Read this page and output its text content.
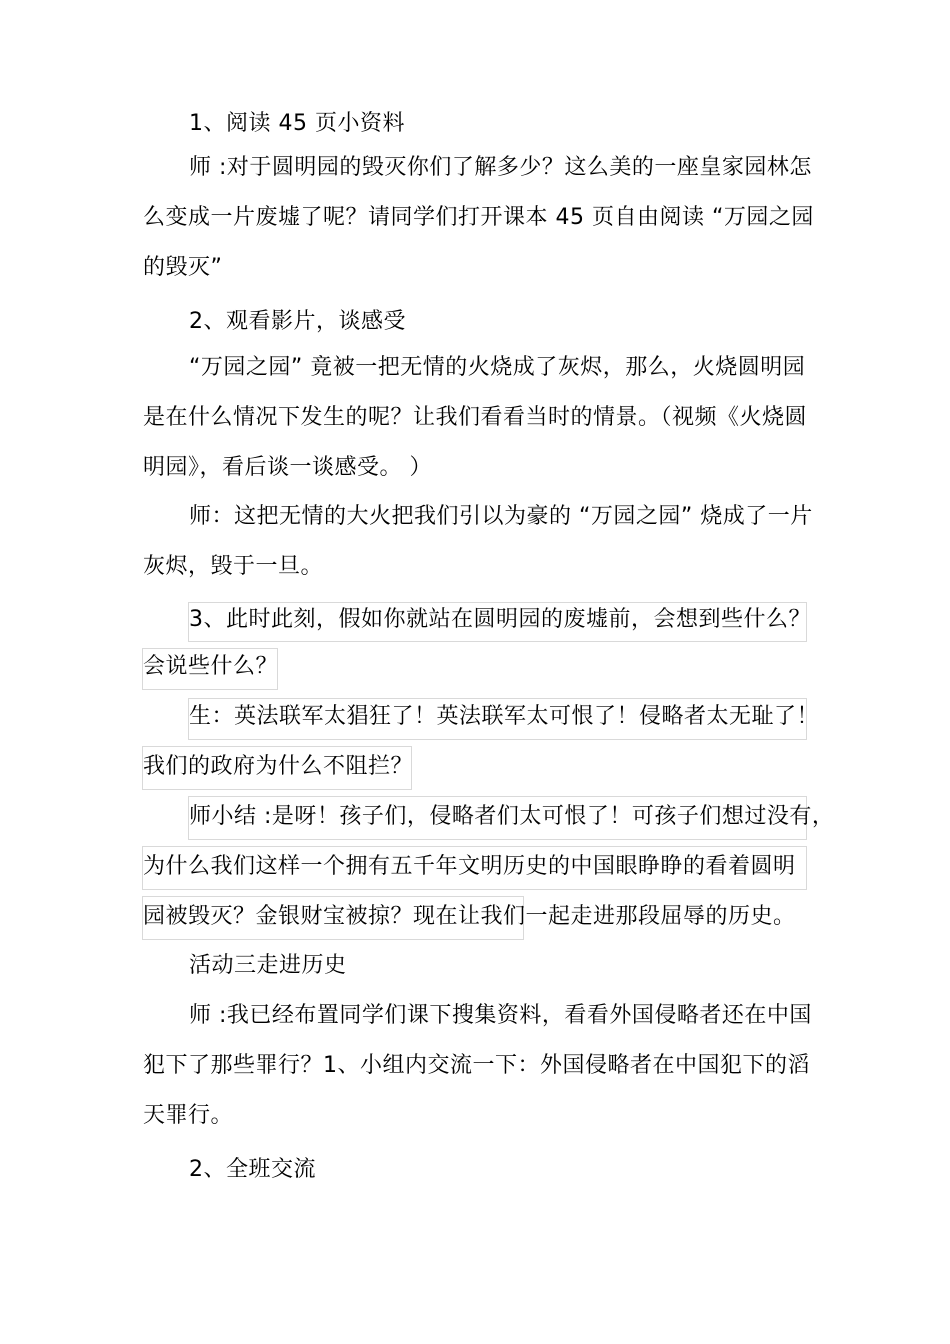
1、阅读 45 页小资料
师 :对于圆明园的毁灭你们了解多少？这么美的一座皇家园林怎
么变成一片废墟了呢？请同学们打开课本 45 页自由阅读 “万园之园
的毁灭”
2、观看影片，谈感受
“万园之园” 竟被一把无情的火烧成了灰烬，那么，火烧圆明园
是在什么情况下发生的呢？让我们看看当时的情景。（视频《火烧圆
明园》，看后谈一谈感受。 ）
师：这把无情的大火把我们引以为豪的 “万园之园” 烧成了一片
灰烬，毁于一旦。
3、此时此刻，假如你就站在圆明园的废墟前，会想到些什么？
会说些什么？
生：英法联军太猖狂了！英法联军太可恨了！侵略者太无耻了！
我们的政府为什么不阻拦？
师小结 :是呀！孩子们，侵略者们太可恨了！可孩子们想过没有，
为什么我们这样一个拥有五千年文明历史的中国眼睁睁的看着圆明
园被毁灭？金银财宝被掠？现在让我们一起走进那段屈辱的历史。
活动三走进历史
师 :我已经布置同学们课下搜集资料，看看外国侵略者还在中国
犯下了那些罪行？1、小组内交流一下：外国侵略者在中国犯下的滔
天罪行。
2、全班交流
